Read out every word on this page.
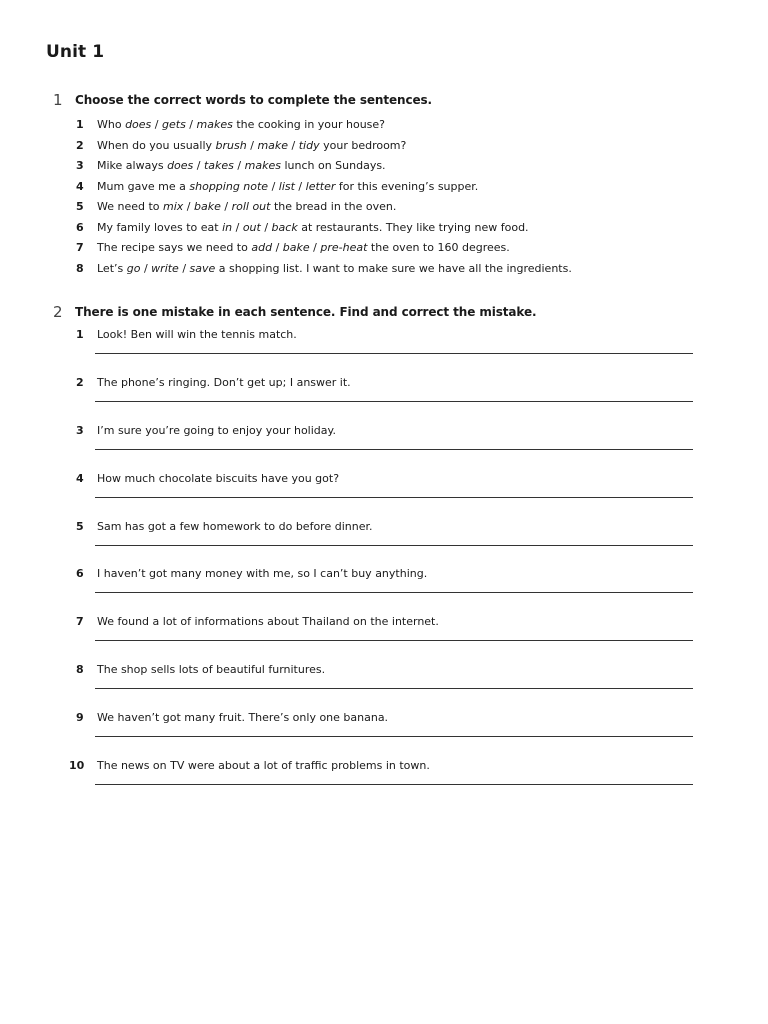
Unit 1
1 Choose the correct words to complete the sentences.
1 Who does / gets / makes the cooking in your house?
2 When do you usually brush / make / tidy your bedroom?
3 Mike always does / takes / makes lunch on Sundays.
4 Mum gave me a shopping note / list / letter for this evening’s supper.
5 We need to mix / bake / roll out the bread in the oven.
6 My family loves to eat in / out / back at restaurants. They like trying new food.
7 The recipe says we need to add / bake / pre-heat the oven to 160 degrees.
8 Let’s go / write / save a shopping list. I want to make sure we have all the ingredients.
2 There is one mistake in each sentence. Find and correct the mistake.
1 Look! Ben will win the tennis match.
2 The phone’s ringing. Don’t get up; I answer it.
3 I’m sure you’re going to enjoy your holiday.
4 How much chocolate biscuits have you got?
5 Sam has got a few homework to do before dinner.
6 I haven’t got many money with me, so I can’t buy anything.
7 We found a lot of informations about Thailand on the internet.
8 The shop sells lots of beautiful furnitures.
9 We haven’t got many fruit. There’s only one banana.
10 The news on TV were about a lot of traffic problems in town.
